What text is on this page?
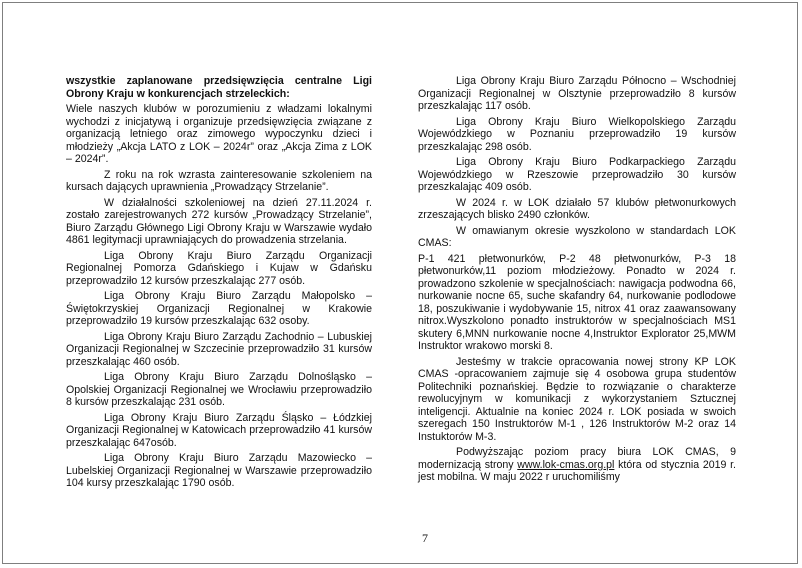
wszystkie zaplanowane przedsięwzięcia centralne Ligi Obrony Kraju w konkurencjach strzeleckich:

Wiele naszych klubów w porozumieniu z władzami lokalnymi wychodzi z inicjatywą i organizuje przedsięwzięcia związane z organizacją letniego oraz zimowego wypoczynku dzieci i młodzieży „Akcja LATO z LOK – 2024r” oraz „Akcja Zima z LOK – 2024r”.

Z roku na rok wzrasta zainteresowanie szkoleniem na kursach dających uprawnienia „Prowadzący Strzelanie”.

W działalności szkoleniowej na dzień 27.11.2024 r. zostało zarejestrowanych 272 kursów „Prowadzący Strzelanie”, Biuro Zarządu Głównego Ligi Obrony Kraju w Warszawie wydało 4861 legitymacji uprawniających do prowadzenia strzelania.

Liga Obrony Kraju Biuro Zarządu Organizacji Regionalnej Pomorza Gdańskiego i Kujaw w Gdańsku przeprowadziło 12 kursów przeszkalając 277 osób.

Liga Obrony Kraju Biuro Zarządu Małopolsko – Świętokrzyskiej Organizacji Regionalnej w Krakowie przeprowadziło 19 kursów przeszkalając 632 osoby.

Liga Obrony Kraju Biuro Zarządu Zachodnio – Lubuskiej Organizacji Regionalnej w Szczecinie przeprowadziło 31 kursów przeszkalając 460 osób.

Liga Obrony Kraju Biuro Zarządu Dolnośląsko – Opolskiej Organizacji Regionalnej we Wrocławiu przeprowadziło 8 kursów przeszkalając 231 osób.

Liga Obrony Kraju Biuro Zarządu Śląsko – Łódzkiej Organizacji Regionalnej w Katowicach przeprowadziło 41 kursów przeszkalając 647osób.

Liga Obrony Kraju Biuro Zarządu Mazowiecko – Lubelskiej Organizacji Regionalnej w Warszawie przeprowadziło 104 kursy przeszkalając 1790 osób.

Liga Obrony Kraju Biuro Zarządu Północno – Wschodniej Organizacji Regionalnej w Olsztynie przeprowadziło 8 kursów przeszkalając 117 osób.

Liga Obrony Kraju Biuro Wielkopolskiego Zarządu Wojewódzkiego w Poznaniu przeprowadziło 19 kursów przeszkalając 298 osób.

Liga Obrony Kraju Biuro Podkarpackiego Zarządu Wojewódzkiego w Rzeszowie przeprowadziło 30 kursów przeszkalając 409 osób.

W 2024 r. w LOK działało 57 klubów płetwonurkowych zrzeszających blisko 2490 członków.

W omawianym okresie wyszkolono w standardach LOK CMAS:

P-1 421 płetwonurków, P-2 48 płetwonurków, P-3 18 płetwonurków,11 poziom młodzieżowy. Ponadto w 2024 r. prowadzono szkolenie w specjalnościach: nawigacja podwodna 66, nurkowanie nocne 65, suche skafandry 64, nurkowanie podlodowe 18, poszukiwanie i wydobywanie 15, nitrox 41 oraz zaawansowany nitrox.Wyszkolono ponadto instruktorów w specjalnościach MS1 skutery 6,MNN nurkowanie nocne 4,Instruktor Explorator 25,MWM Instruktor wrakowo morski 8.

Jesteśmy w trakcie opracowania nowej strony KP LOK CMAS -opracowaniem zajmuje się 4 osobowa grupa studentów Politechniki poznańskiej. Będzie to rozwiązanie o charakterze rewolucyjnym w komunikacji z wykorzystaniem Sztucznej inteligencji. Aktualnie na koniec 2024 r. LOK posiada w swoich szeregach 150 Instruktorów M-1 , 126 Instruktorów M-2 oraz 14 Instuktorów M-3.

Podwyższając poziom pracy biura LOK CMAS, 9 modernizacją strony www.lok-cmas.org.pl która od stycznia 2019 r. jest mobilna. W maju 2022 r uruchomiliśmy

7
